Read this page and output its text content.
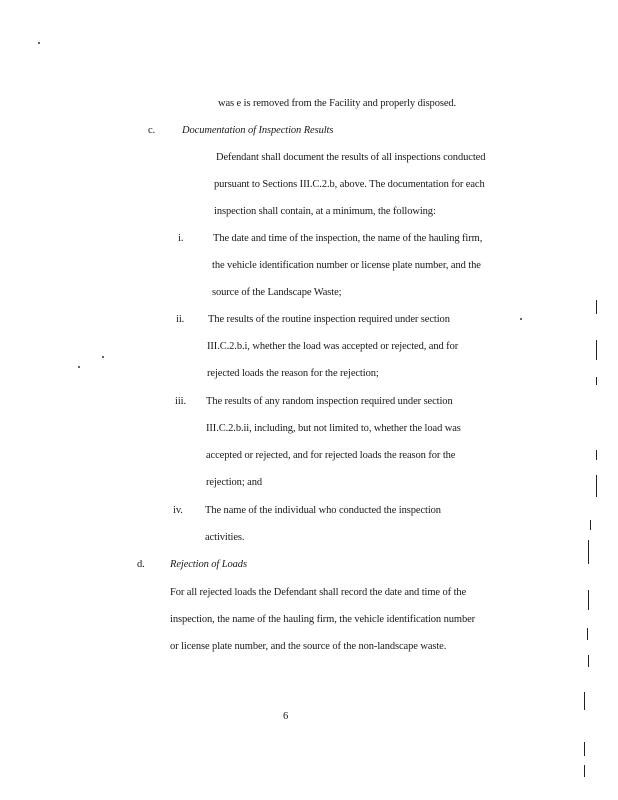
was e is removed from the Facility and properly disposed.
c.	Documentation of Inspection Results
Defendant shall document the results of all inspections conducted
pursuant to Sections III.C.2.b, above. The documentation for each
inspection shall contain, at a minimum, the following:
i.	The date and time of the inspection, the name of the hauling firm,
the vehicle identification number or license plate number, and the
source of the Landscape Waste;
ii. The results of the routine inspection required under section
III.C.2.b.i, whether the load was accepted or rejected, and for
rejected loads the reason for the rejection;
iii. The results of any random inspection required under section
III.C.2.b.ii, including, but not limited to, whether the load was
accepted or rejected, and for rejected loads the reason for the
rejection; and
iv. The name of the individual who conducted the inspection
activities.
d. Rejection of Loads
For all rejected loads the Defendant shall record the date and time of the
inspection, the name of the hauling firm, the vehicle identification number
or license plate number, and the source of the non-landscape waste.
6
